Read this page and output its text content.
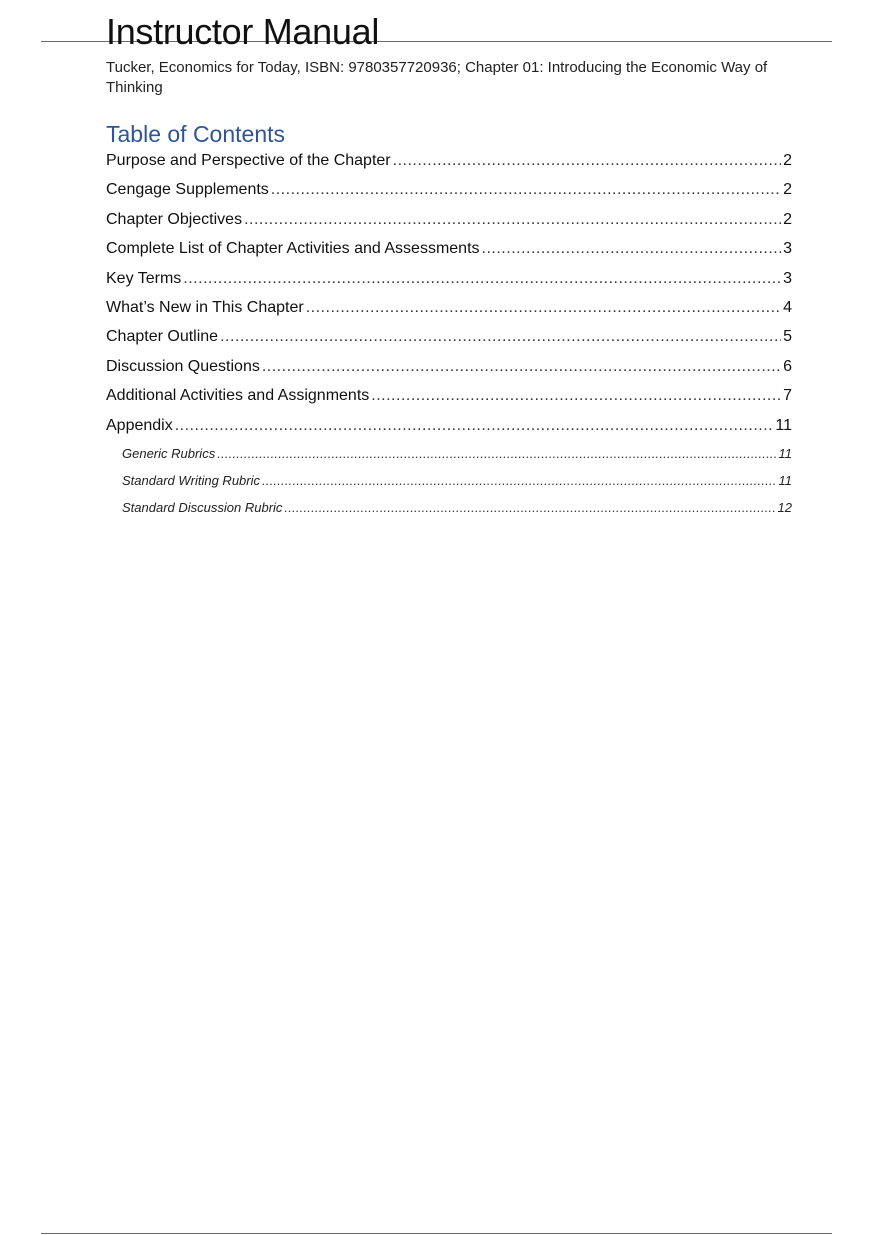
Instructor Manual

Tucker, Economics for Today, ISBN: 9780357720936; Chapter 01: Introducing the Economic Way of Thinking

Table of Contents
Purpose and Perspective of the Chapter .....	2
Cengage Supplements .....	2
Chapter Objectives .....	2
Complete List of Chapter Activities and Assessments .....	3
Key Terms .....	3
What’s New in This Chapter .....	4
Chapter Outline .....	5
Discussion Questions .....	6
Additional Activities and Assignments .....	7
Appendix .....	11
Generic Rubrics .....	11
Standard Writing Rubric .....	11
Standard Discussion Rubric .....	12
